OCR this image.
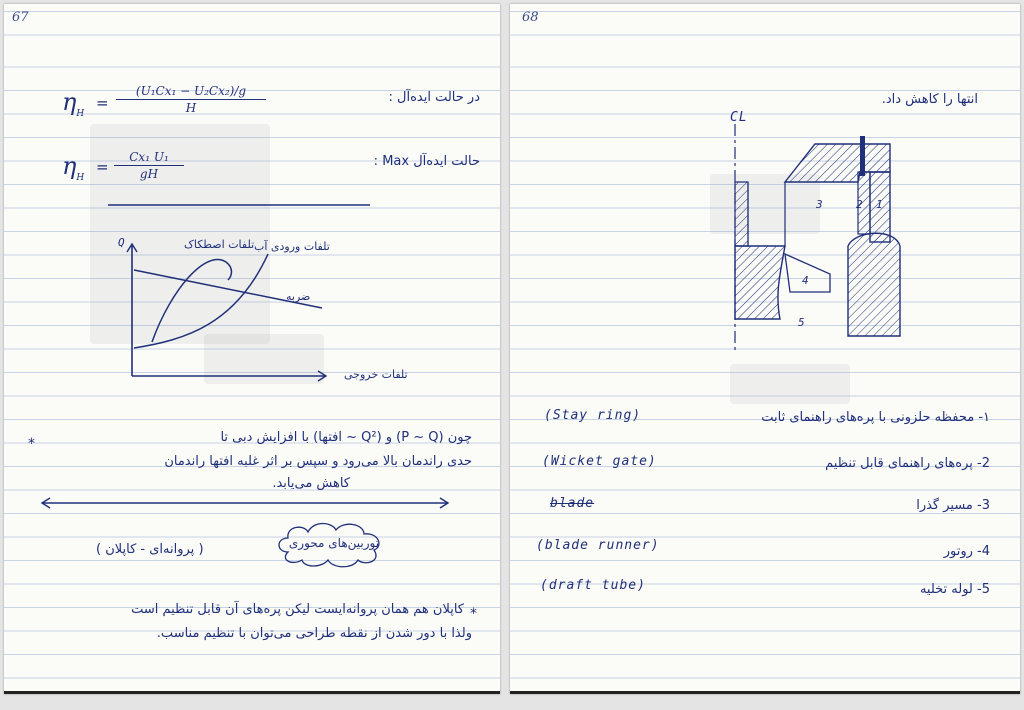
67
$\eta_H$
= $\frac{\text{(U₁Cx₁ − U₂Cx₂)/g}}{H}$	در حالت ایده‌آل :
$\eta_H$
= $\frac{\text{Cx₁ U₁}}{gH}$	حالت ایده‌آل Max :
Q	تلفات اصطکاک تلفات ورودی آب
ضربه
تلفات خروجی
*	چون (P ~ Q) و (Q² ~ افتها) با افزایش دبی تا
حدی راندمان بالا می‌رود و سپس بر اثر غلبه افتها راندمان
کاهش می‌یابد.
توربین‌های محوری
( پروانه‌ای - کاپلان )
*
کاپلان هم همان پروانه‌ایست لیکن پره‌های آن قابل تنظیم است
ولذا با دور شدن از نقطه طراحی می‌توان با تنظیم مناسب.
68
انتها را کاهش داد.
CL
3	2 1
4
5
۱- محفظه حلزونی با پره‌های راهنمای ثابت
(Stay ring)
2- پره‌های راهنمای قابل تنظیم
(Wicket gate)
3- مسیر گذرا
blade
4- روتور
(blade runner)
5- لوله تخلیه
(draft tube)
